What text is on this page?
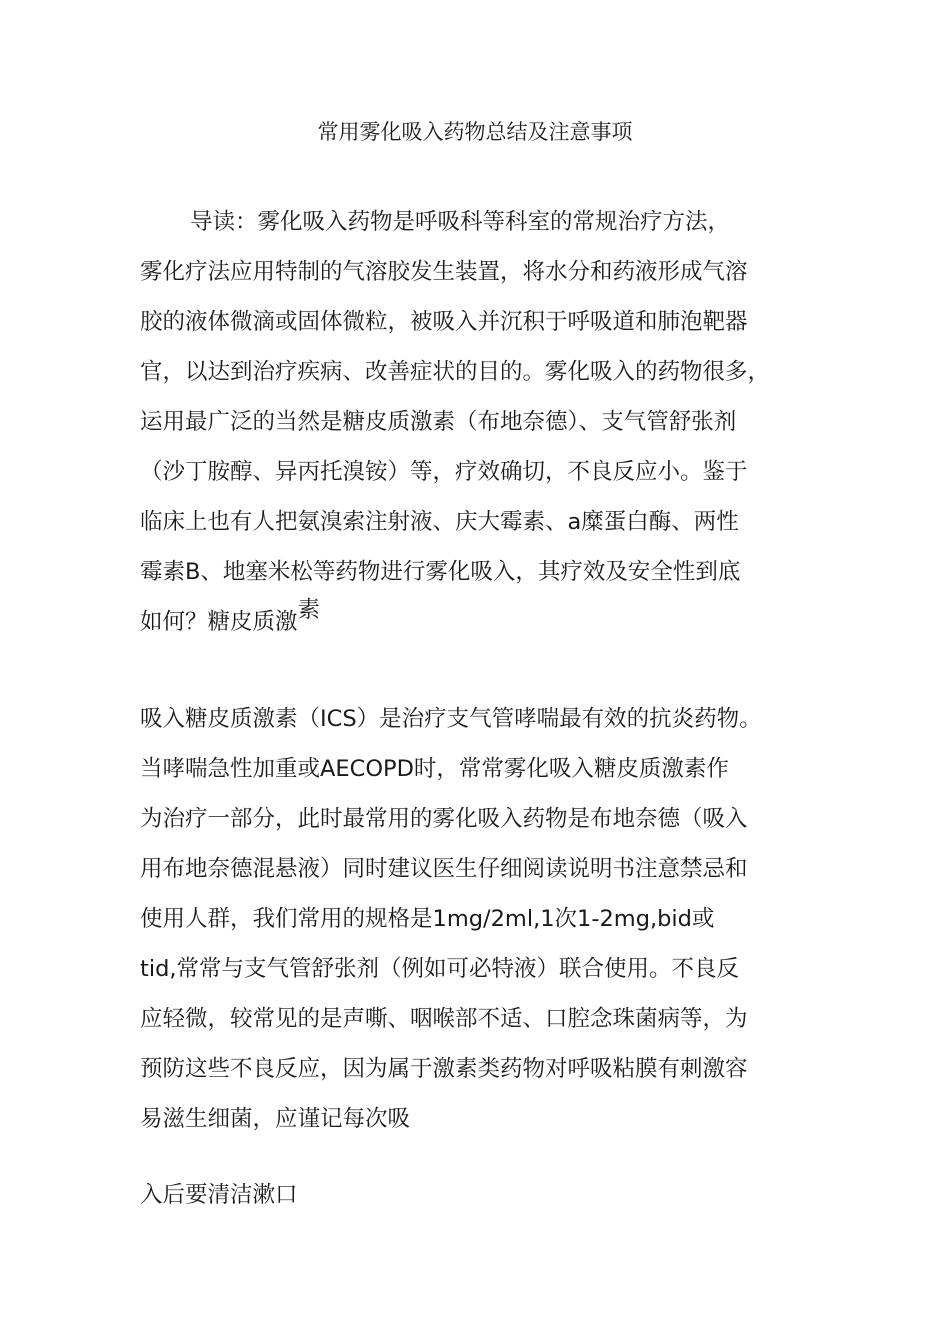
常用雾化吸入药物总结及注意事项
导读：雾化吸入药物是呼吸科等科室的常规治疗方法，
雾化疗法应用特制的气溶胶发生装置，将水分和药液形成气溶
胶的液体微滴或固体微粒，被吸入并沉积于呼吸道和肺泡靶器
官，以达到治疗疾病、改善症状的目的。雾化吸入的药物很多，
运用最广泛的当然是糖皮质激素（布地奈德）、支气管舒张剂
（沙丁胺醇、异丙托溴铵）等，疗效确切，不良反应小。鉴于
临床上也有人把氨溴索注射液、庆大霉素、a糜蛋白酶、两性
霉素B、地塞米松等药物进行雾化吸入，其疗效及安全性到底
如何？糖皮质激素
吸入糖皮质激素（ICS）是治疗支气管哮喘最有效的抗炎药物。
当哮喘急性加重或AECOPD时，常常雾化吸入糖皮质激素作
为治疗一部分，此时最常用的雾化吸入药物是布地奈德（吸入
用布地奈德混悬液）同时建议医生仔细阅读说明书注意禁忌和
使用人群，我们常用的规格是1mg/2ml,1次1-2mg,bid或
tid,常常与支气管舒张剂（例如可必特液）联合使用。不良反
应轻微，较常见的是声嘶、咽喉部不适、口腔念珠菌病等，为
预防这些不良反应，因为属于激素类药物对呼吸粘膜有刺激容
易滋生细菌，应谨记每次吸
入后要清洁漱口
